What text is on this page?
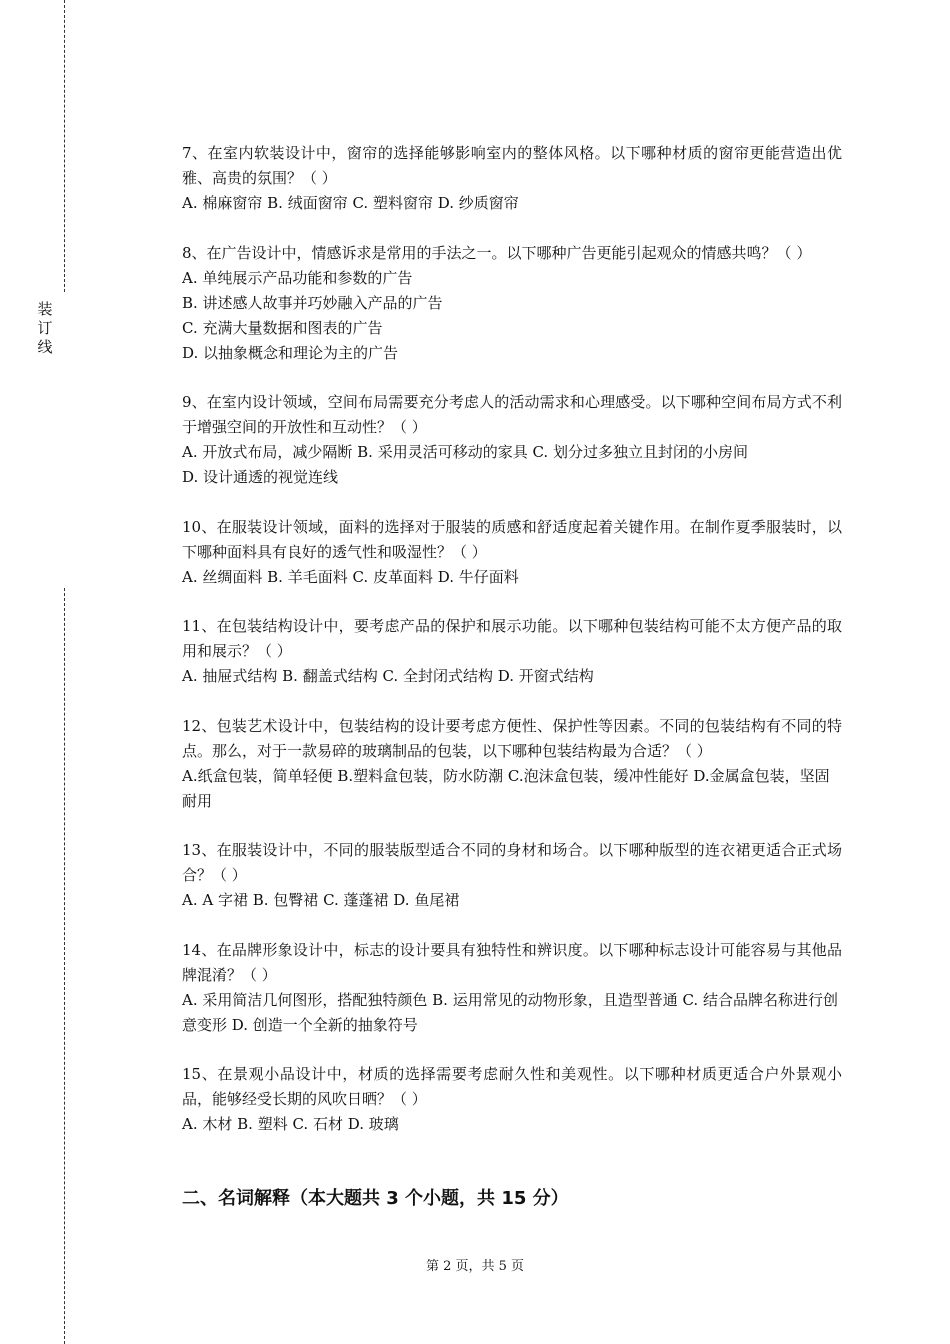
装
订
线

7、在室内软装设计中，窗帘的选择能够影响室内的整体风格。以下哪种材质的窗帘更能营造出优雅、高贵的氛围？（ ）

A. 棉麻窗帘 B. 绒面窗帘 C. 塑料窗帘 D. 纱质窗帘

8、在广告设计中，情感诉求是常用的手法之一。以下哪种广告更能引起观众的情感共鸣？（ ）

A. 单纯展示产品功能和参数的广告

B. 讲述感人故事并巧妙融入产品的广告

C. 充满大量数据和图表的广告

D. 以抽象概念和理论为主的广告

9、在室内设计领域，空间布局需要充分考虑人的活动需求和心理感受。以下哪种空间布局方式不利于增强空间的开放性和互动性？（ ）

A. 开放式布局，减少隔断 B. 采用灵活可移动的家具 C. 划分过多独立且封闭的小房间

D. 设计通透的视觉连线

10、在服装设计领域，面料的选择对于服装的质感和舒适度起着关键作用。在制作夏季服装时，以下哪种面料具有良好的透气性和吸湿性？（ ）

A. 丝绸面料 B. 羊毛面料 C. 皮革面料 D. 牛仔面料

11、在包装结构设计中，要考虑产品的保护和展示功能。以下哪种包装结构可能不太方便产品的取用和展示？（ ）

A. 抽屉式结构 B. 翻盖式结构 C. 全封闭式结构 D. 开窗式结构

12、包装艺术设计中，包装结构的设计要考虑方便性、保护性等因素。不同的包装结构有不同的特点。那么，对于一款易碎的玻璃制品的包装，以下哪种包装结构最为合适？（ ）

A.纸盒包装，简单轻便 B.塑料盒包装，防水防潮 C.泡沫盒包装，缓冲性能好 D.金属盒包装，坚固耐用

13、在服装设计中，不同的服装版型适合不同的身材和场合。以下哪种版型的连衣裙更适合正式场合？（ ）

A. A 字裙 B. 包臀裙 C. 蓬蓬裙 D. 鱼尾裙

14、在品牌形象设计中，标志的设计要具有独特性和辨识度。以下哪种标志设计可能容易与其他品牌混淆？（ ）

A. 采用简洁几何图形，搭配独特颜色 B. 运用常见的动物形象，且造型普通 C. 结合品牌名称进行创意变形 D. 创造一个全新的抽象符号

15、在景观小品设计中，材质的选择需要考虑耐久性和美观性。以下哪种材质更适合户外景观小品，能够经受长期的风吹日晒？（ ）

A. 木材 B. 塑料 C. 石材 D. 玻璃

二、名词解释（本大题共 3 个小题，共 15 分）
第 2 页，共 5 页
